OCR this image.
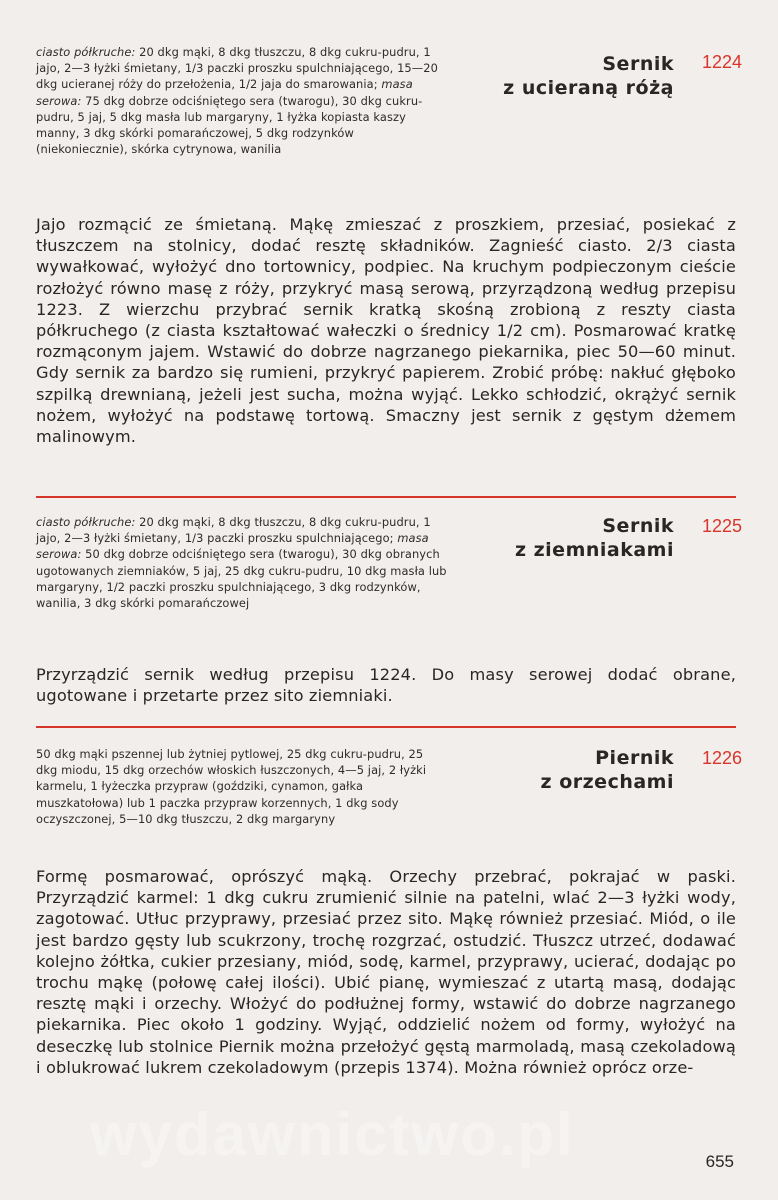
ciasto półkruche: 20 dkg mąki, 8 dkg tłuszczu, 8 dkg cukru-pudru, 1 jajo, 2—3 łyżki śmietany, 1/3 paczki proszku spulchniającego, 15—20 dkg ucieranej róży do przełożenia, 1/2 jaja do smarowania; masa serowa: 75 dkg dobrze odciśniętego sera (twarogu), 30 dkg cukru-pudru, 5 jaj, 5 dkg masła lub margaryny, 1 łyżka kopiasta kaszy manny, 3 dkg skórki pomarańczowej, 5 dkg rodzynków (niekoniecznie), skórka cytrynowa, wanilia
Sernik
z ucieraną różą
1224
Jajo rozmącić ze śmietaną. Mąkę zmieszać z proszkiem, przesiać, posiekać z tłuszczem na stolnicy, dodać resztę składników. Zagnieść ciasto. 2/3 ciasta wywałkować, wyłożyć dno tortownicy, podpiec. Na kruchym podpieczonym cieście rozłożyć równo masę z róży, przykryć masą serową, przyrządzoną według przepisu 1223. Z wierzchu przybrać sernik kratką skośną zrobioną z reszty ciasta półkruchego (z ciasta kształtować wałeczki o średnicy 1/2 cm). Posmarować kratkę rozmąconym jajem. Wstawić do dobrze nagrzanego piekarnika, piec 50—60 minut. Gdy sernik za bardzo się rumieni, przykryć papierem. Zrobić próbę: nakłuć głęboko szpilką drewnianą, jeżeli jest sucha, można wyjąć. Lekko schłodzić, okrążyć sernik nożem, wyłożyć na podstawę tortową. Smaczny jest sernik z gęstym dżemem malinowym.
ciasto półkruche: 20 dkg mąki, 8 dkg tłuszczu, 8 dkg cukru-pudru, 1 jajo, 2—3 łyżki śmietany, 1/3 paczki proszku spulchniającego; masa serowa: 50 dkg dobrze odciśniętego sera (twarogu), 30 dkg obranych ugotowanych ziemniaków, 5 jaj, 25 dkg cukru-pudru, 10 dkg masła lub margaryny, 1/2 paczki proszku spulchniającego, 3 dkg rodzynków, wanilia, 3 dkg skórki pomarańczowej
Sernik
z ziemniakami
1225
Przyrządzić sernik według przepisu 1224. Do masy serowej dodać obrane, ugotowane i przetarte przez sito ziemniaki.
50 dkg mąki pszennej lub żytniej pytlowej, 25 dkg cukru-pudru, 25 dkg miodu, 15 dkg orzechów włoskich łuszczonych, 4—5 jaj, 2 łyżki karmelu, 1 łyżeczka przypraw (goździki, cynamon, gałka muszkatołowa) lub 1 paczka przypraw korzennych, 1 dkg sody oczyszczonej, 5—10 dkg tłuszczu, 2 dkg margaryny
Piernik
z orzechami
1226
Formę posmarować, oprószyć mąką. Orzechy przebrać, pokrajać w paski. Przyrządzić karmel: 1 dkg cukru zrumienić silnie na patelni, wlać 2—3 łyżki wody, zagotować. Utłuc przyprawy, przesiać przez sito. Mąkę również przesiać. Miód, o ile jest bardzo gęsty lub scukrzony, trochę rozgrzać, ostudzić. Tłuszcz utrzeć, dodawać kolejno żółtka, cukier przesiany, miód, sodę, karmel, przyprawy, ucierać, dodając po trochu mąkę (połowę całej ilości). Ubić pianę, wymieszać z utartą masą, dodając resztę mąki i orzechy. Włożyć do podłużnej formy, wstawić do dobrze nagrzanego piekarnika. Piec około 1 godziny. Wyjąć, oddzielić nożem od formy, wyłożyć na deseczkę lub stolnice Piernik można przełożyć gęstą marmoladą, masą czekoladową i oblukrować lukrem czekoladowym (przepis 1374). Można również oprócz orze-
wydawnictwo.pl	655
